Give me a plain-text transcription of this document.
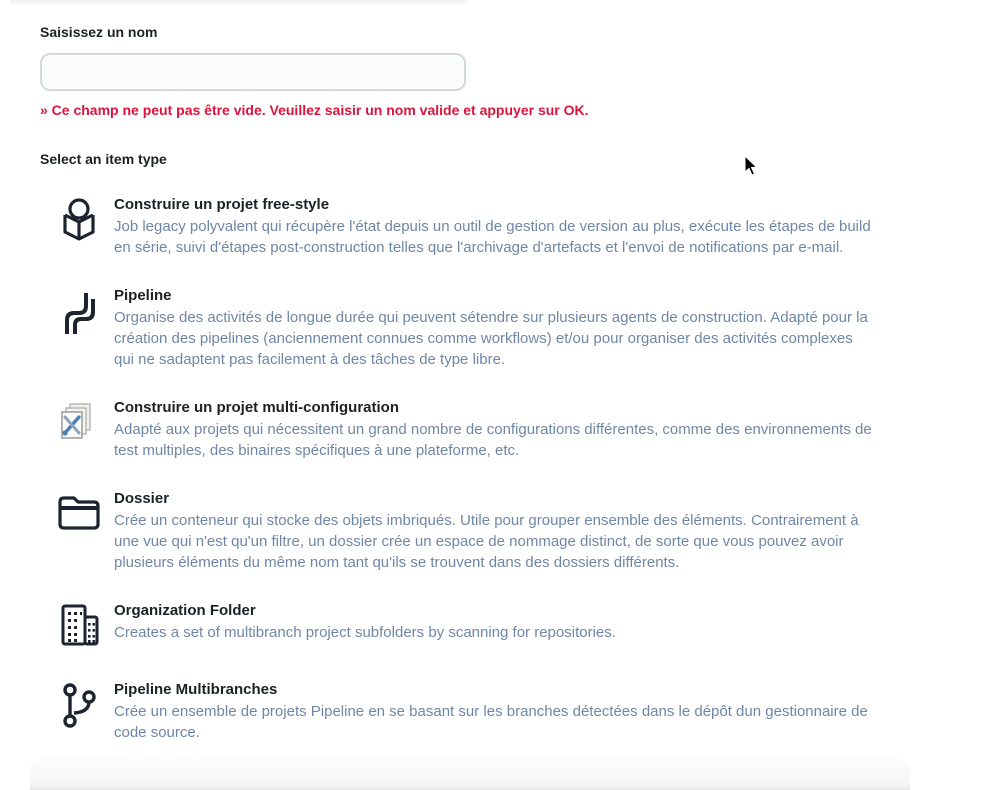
Saisissez un nom
» Ce champ ne peut pas être vide. Veuillez saisir un nom valide et appuyer sur OK.
Select an item type
Construire un projet free-style
Job legacy polyvalent qui récupère l'état depuis un outil de gestion de version au plus, exécute les étapes de build en série, suivi d'étapes post-construction telles que l'archivage d'artefacts et l'envoi de notifications par e-mail.
Pipeline
Organise des activités de longue durée qui peuvent sétendre sur plusieurs agents de construction. Adapté pour la création des pipelines (anciennement connues comme workflows) et/ou pour organiser des activités complexes qui ne sadaptent pas facilement à des tâches de type libre.
Construire un projet multi-configuration
Adapté aux projets qui nécessitent un grand nombre de configurations différentes, comme des environnements de test multiples, des binaires spécifiques à une plateforme, etc.
Dossier
Crée un conteneur qui stocke des objets imbriqués. Utile pour grouper ensemble des éléments. Contrairement à une vue qui n'est qu'un filtre, un dossier crée un espace de nommage distinct, de sorte que vous pouvez avoir plusieurs éléments du même nom tant qu'ils se trouvent dans des dossiers différents.
Organization Folder
Creates a set of multibranch project subfolders by scanning for repositories.
Pipeline Multibranches
Crée un ensemble de projets Pipeline en se basant sur les branches détectées dans le dépôt dun gestionnaire de code source.
